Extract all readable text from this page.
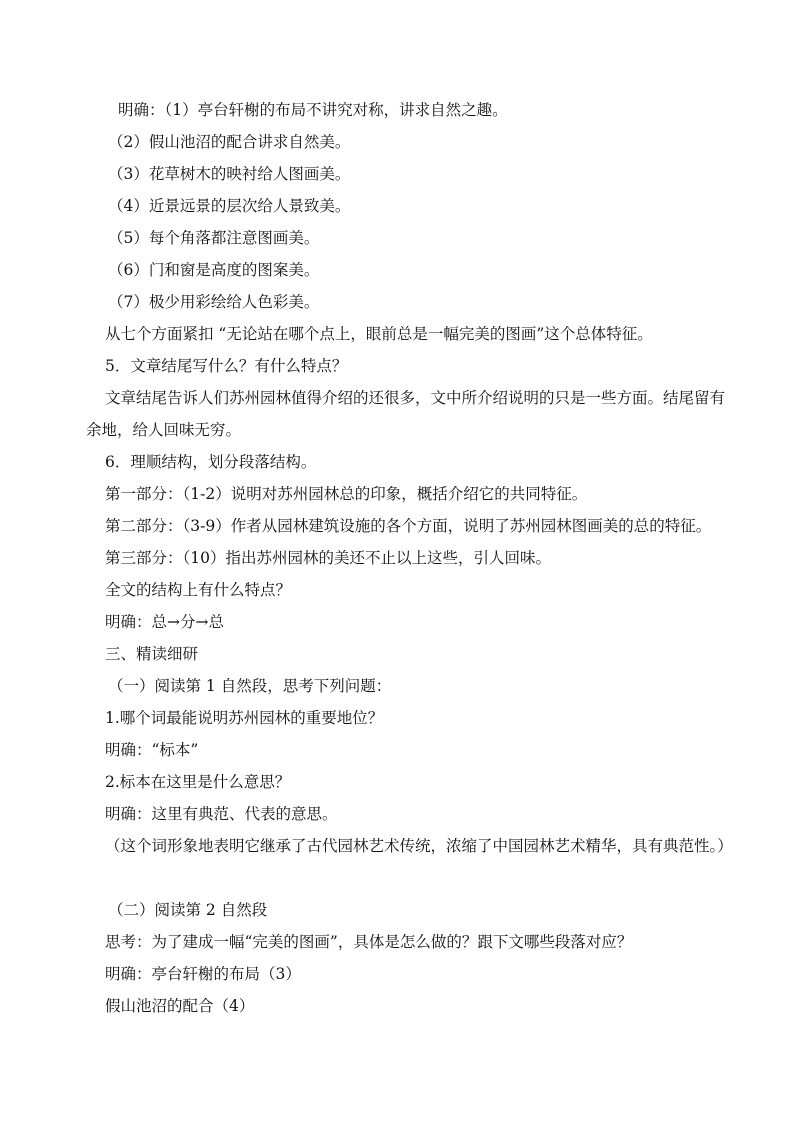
明确：（1）亭台轩榭的布局不讲究对称，讲求自然之趣。
（2）假山池沼的配合讲求自然美。
（3）花草树木的映衬给人图画美。
（4）近景远景的层次给人景致美。
（5）每个角落都注意图画美。
（6）门和窗是高度的图案美。
（7）极少用彩绘给人色彩美。
从七个方面紧扣 “无论站在哪个点上，眼前总是一幅完美的图画”这个总体特征。
5．文章结尾写什么？有什么特点？
文章结尾告诉人们苏州园林值得介绍的还很多，文中所介绍说明的只是一些方面。结尾留有余地，给人回味无穷。
6．理顺结构，划分段落结构。
第一部分：（1-2）说明对苏州园林总的印象，概括介绍它的共同特征。
第二部分：（3-9）作者从园林建筑设施的各个方面，说明了苏州园林图画美的总的特征。
第三部分：（10）指出苏州园林的美还不止以上这些，引人回味。
全文的结构上有什么特点？
明确：总→分→总
三、精读细研
（一）阅读第 1 自然段，思考下列问题：
1.哪个词最能说明苏州园林的重要地位？
明确：“标本”
2.标本在这里是什么意思？
明确：这里有典范、代表的意思。
（这个词形象地表明它继承了古代园林艺术传统，浓缩了中国园林艺术精华，具有典范性。）
（二）阅读第 2 自然段
思考：为了建成一幅“完美的图画”，具体是怎么做的？跟下文哪些段落对应？
明确：亭台轩榭的布局（3）
假山池沼的配合（4）
